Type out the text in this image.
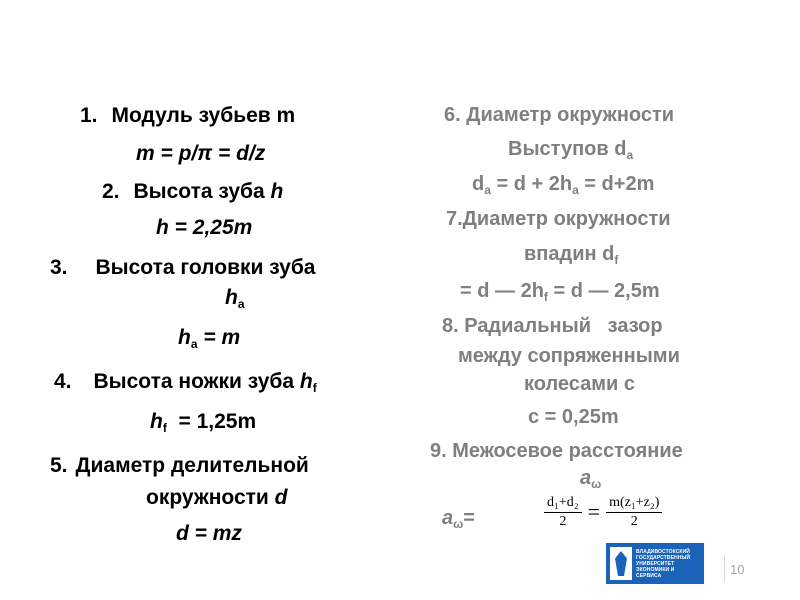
1. Модуль зубьев m
m = p/π = d/z
2. Высота зуба h
h = 2,25m
3. Высота головки зуба
$h_a$
$h_a = m$
4. Высота ножки зуба $h_f$
$h_f = 1,25m$
5. Диаметр делительной
окружности d
d = mz
6. Диаметр окружности
Выступов $d_a$
$d_a = d + 2h_a = d+2m$
7.Диаметр окружности
впадин $d_f$
= d — $2h_f = d$ — 2,5m
8. Радиальный   зазор
между сопряженными
колесами c
c = 0,25m
9. Межосевое расстояние
$a_\omega$
$a_\omega=$	$\frac{\text{d₁+d₂}}{2} = \frac{\text{m(z₁+z₂)}}{2}$
ВЛАДИВОСТОКСКИЙ
ГОСУДАРСТВЕННЫЙ
УНИВЕРСИТЕТ
ЭКОНОМИКИ И
СЕРВИСА	10
